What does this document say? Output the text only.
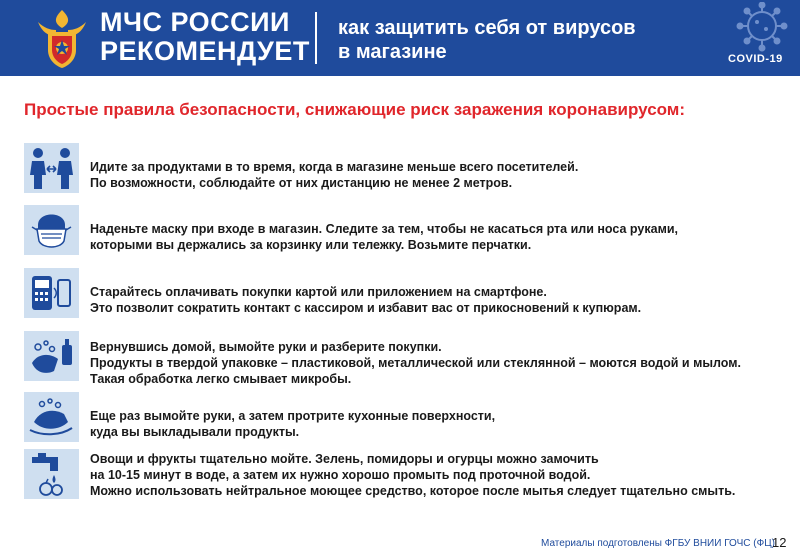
МЧС РОССИИ
РЕКОМЕНДУЕТ
как защитить себя от вирусов
в магазине	COVID-19
Простые правила безопасности, снижающие риск заражения коронавирусом:
Идите за продуктами в то время, когда в магазине меньше всего посетителей.
По возможности, соблюдайте от них дистанцию не менее 2 метров.
Наденьте маску при входе в магазин. Следите за тем, чтобы не касаться рта или носа руками,
которыми вы держались за корзинку или тележку. Возьмите перчатки.
Старайтесь оплачивать покупки картой или приложением на смартфоне.
Это позволит сократить контакт с кассиром и избавит вас от прикосновений к купюрам.
Вернувшись домой, вымойте руки и разберите покупки.
Продукты в твердой упаковке – пластиковой, металлической или стеклянной – моются водой и мылом.
Такая обработка легко смывает микробы.
Еще раз вымойте руки, а затем протрите кухонные поверхности,
куда вы выкладывали продукты.
Овощи и фрукты тщательно мойте. Зелень, помидоры и огурцы можно замочить
на 10-15 минут в воде, а затем их нужно хорошо промыть под проточной водой.
Можно использовать нейтральное моющее средство, которое после мытья следует тщательно смыть.
Материалы подготовлены ФГБУ ВНИИ ГОЧС (ФЦ)
12
